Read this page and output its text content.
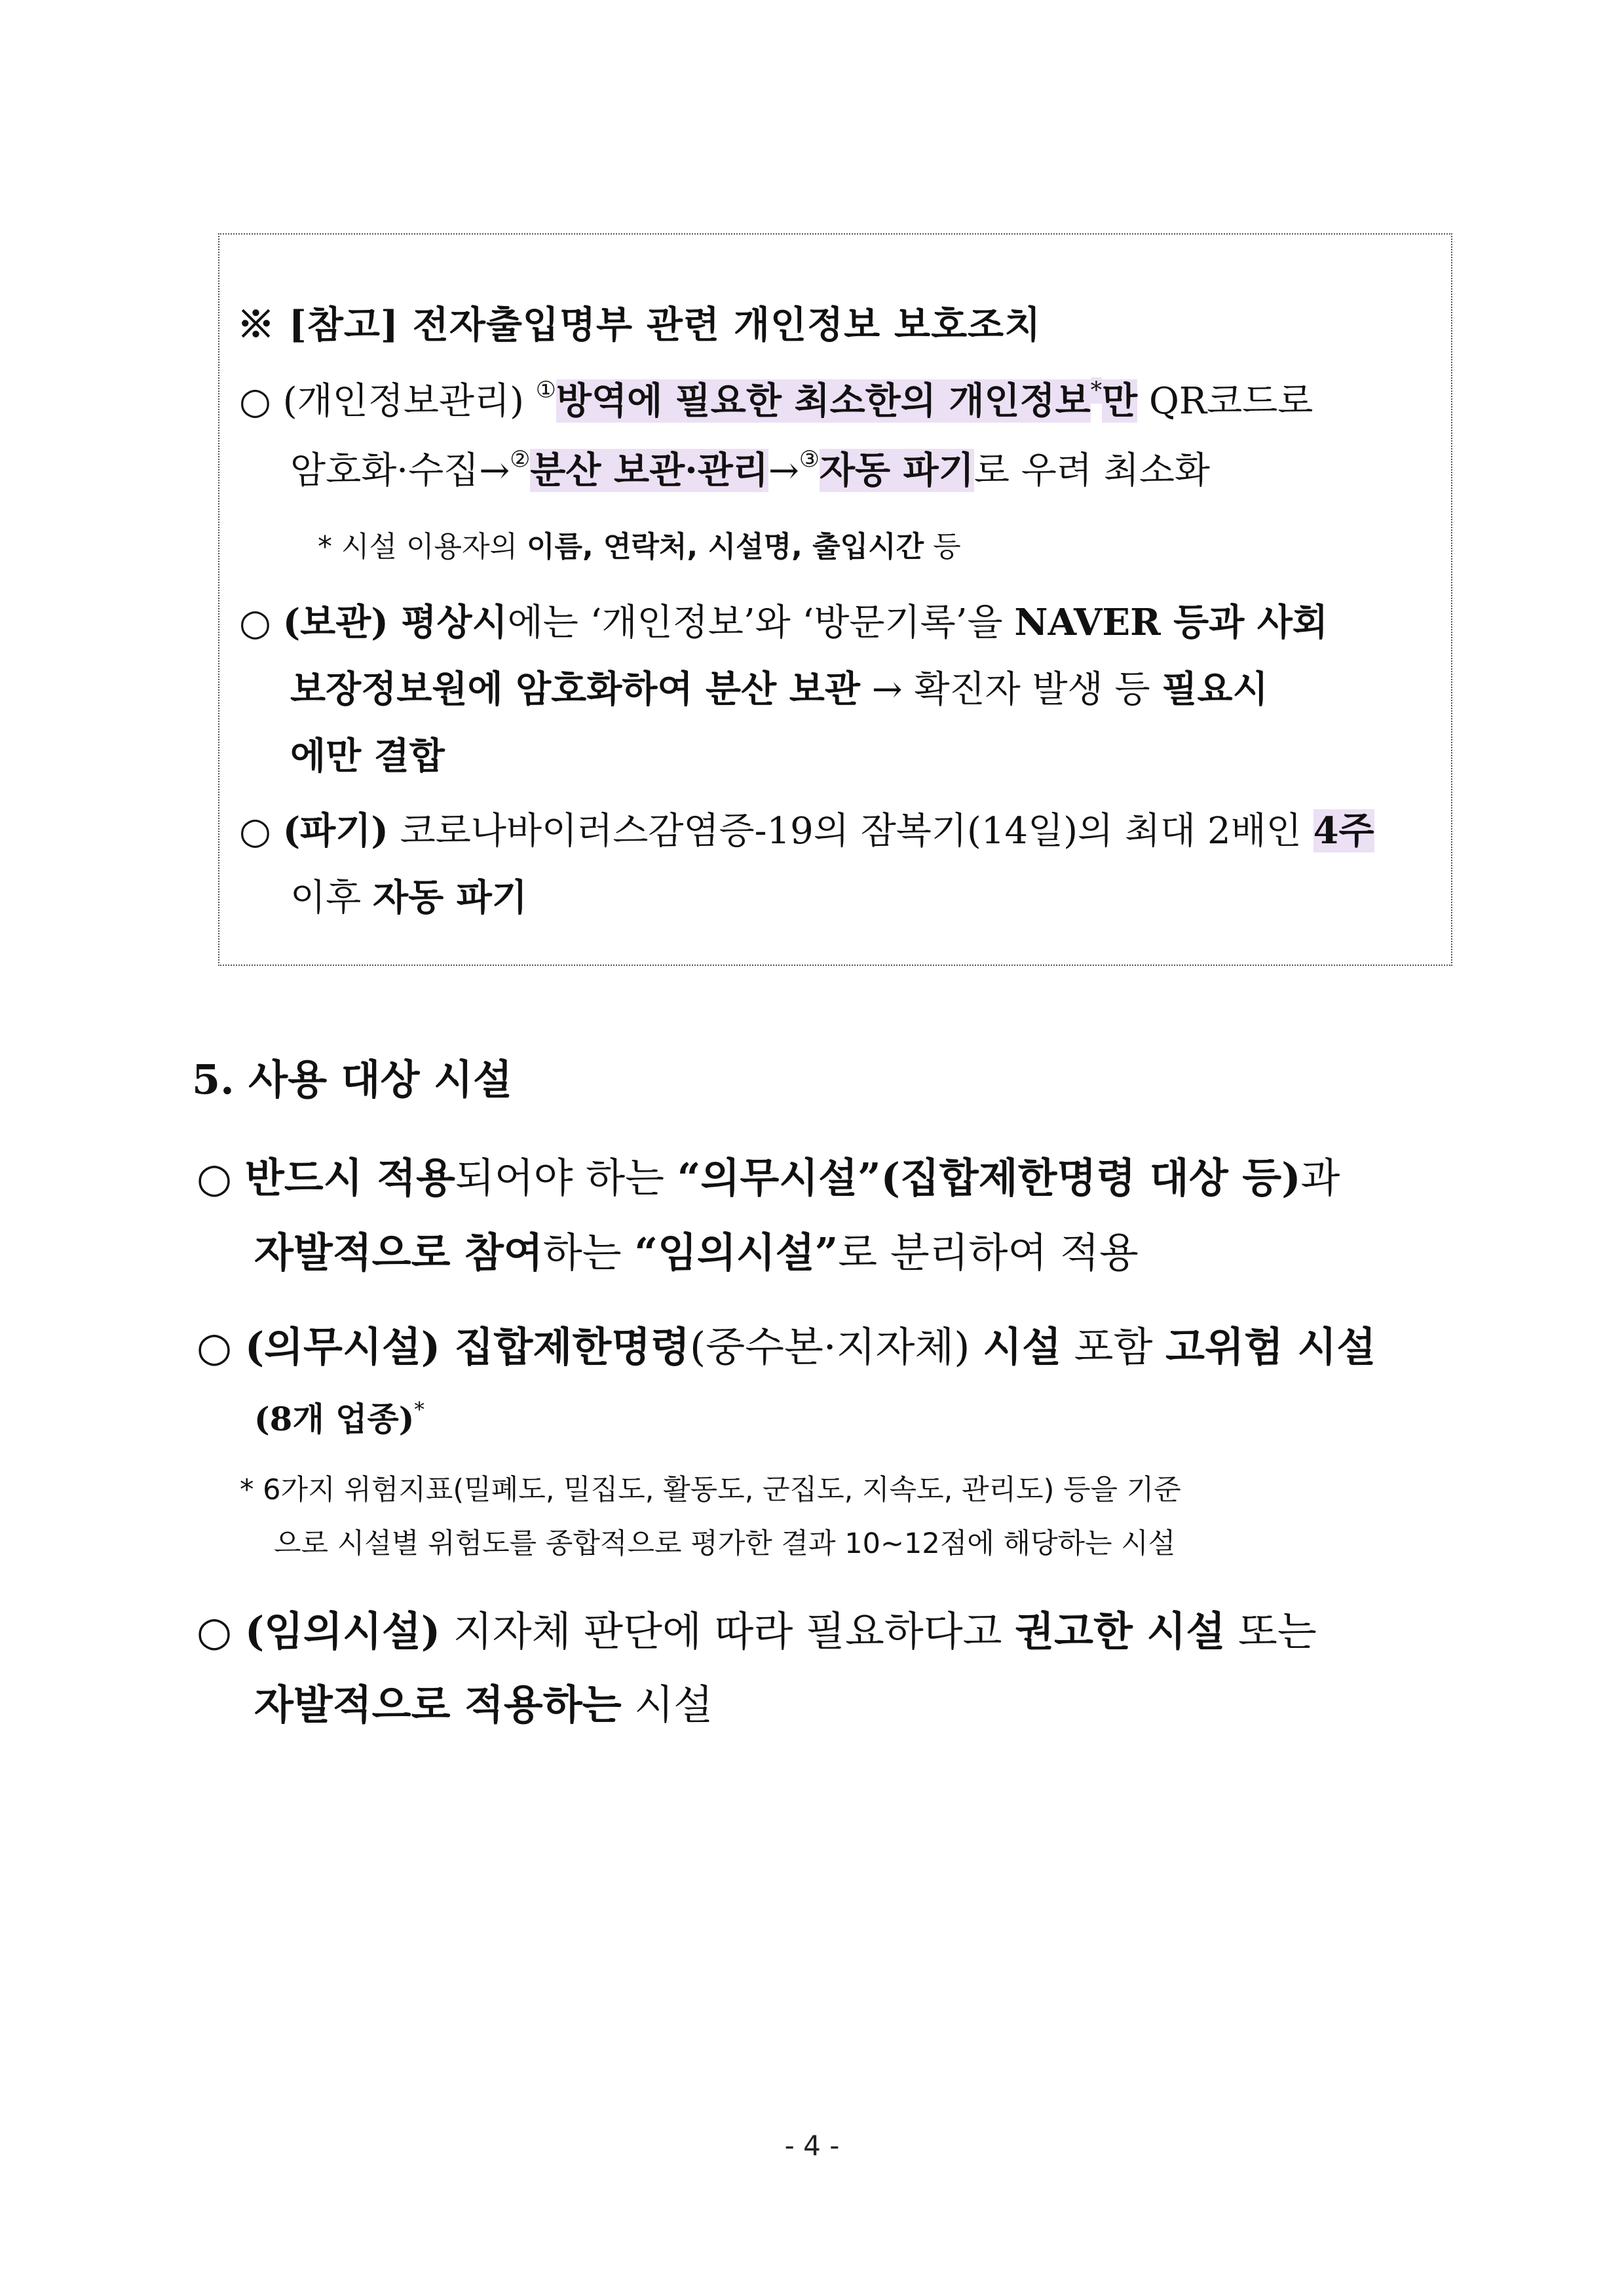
※ [참고] 전자출입명부 관련 개인정보 보호조치
○ (개인정보관리) ①방역에 필요한 최소한의 개인정보*만 QR코드로
암호화·수집→②분산 보관·관리→③자동 파기로 우려 최소화
* 시설 이용자의 이름, 연락처, 시설명, 출입시간 등
○ (보관) 평상시에는 ‘개인정보’와 ‘방문기록’을 NAVER 등과 사회
보장정보원에 암호화하여 분산 보관 → 확진자 발생 등 필요시
에만 결합
○ (파기) 코로나바이러스감염증-19의 잠복기(14일)의 최대 2배인 4주
이후 자동 파기
5. 사용 대상 시설
○ 반드시 적용되어야 하는 “의무시설”(집합제한명령 대상 등)과
자발적으로 참여하는 “임의시설”로 분리하여 적용
○ (의무시설) 집합제한명령(중수본·지자체) 시설 포함 고위험 시설
(8개 업종)*
* 6가지 위험지표(밀폐도, 밀집도, 활동도, 군집도, 지속도, 관리도) 등을 기준
으로 시설별 위험도를 종합적으로 평가한 결과 10∼12점에 해당하는 시설
○ (임의시설) 지자체 판단에 따라 필요하다고 권고한 시설 또는
자발적으로 적용하는 시설
- 4 -
